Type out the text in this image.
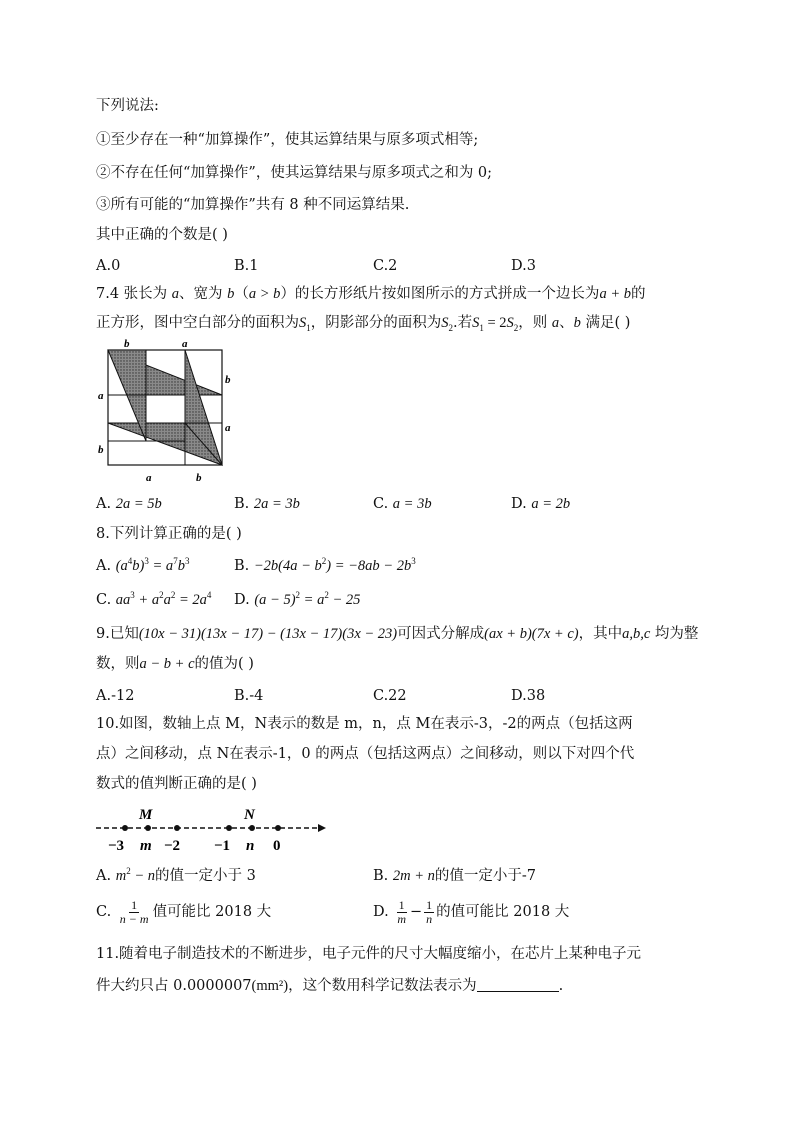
下列说法:
①至少存在一种“加算操作”，使其运算结果与原多项式相等;
②不存在任何“加算操作”，使其运算结果与原多项式之和为 0;
③所有可能的“加算操作”共有 8 种不同运算结果.
其中正确的个数是( )
A.0	B.1	C.2	D.3
7.4 张长为 a、宽为 b（a > b）的长方形纸片按如图所示的方式拼成一个边长为a + b的
正方形，图中空白部分的面积为$S_1$，阴影部分的面积为$S_2$.若$S_1 = 2S_2$，则 a、b 满足( )
b	a
b
a
a
b
a	b
A. 2a = 5b	B. 2a = 3b	C. a = 3b	D. a = 2b
8.下列计算正确的是( )
A. $(a^4b)^3 = a^7b^3$	B. $-2b(4a - b^2) = -8ab - 2b^3$
C. $aa^3 + a^2a^2 = 2a^4$ D. $(a - 5)^2 = a^2 - 25$
9.已知(10x − 31)(13x − 17) − (13x − 17)(3x − 23)可因式分解成(ax + b)(7x + c)，其中a,b,c 均为整
数，则a − b + c的值为( )
A.-12	B.-4	C.22	D.38
10.如图，数轴上点 M，N表示的数是 m，n，点 M在表示-3，-2的两点（包括这两
点）之间移动，点 N在表示-1，0 的两点（包括这两点）之间移动，则以下对四个代
数式的值判断正确的是( )
M	N
−3 m −2 −1 n 0
A. $m^2 - n$的值一定小于 3	B. 2m + n的值一定小于-7
C. $\frac{1}{n - m}$ 值可能比 2018 大	D. $\frac{1}{m} - \frac{1}{n}$ 的值可能比 2018 大
11.随着电子制造技术的不断进步，电子元件的尺寸大幅度缩小，在芯片上某种电子元
件大约只占 0.0000007(mm²)，这个数用科学记数法表示为	.
